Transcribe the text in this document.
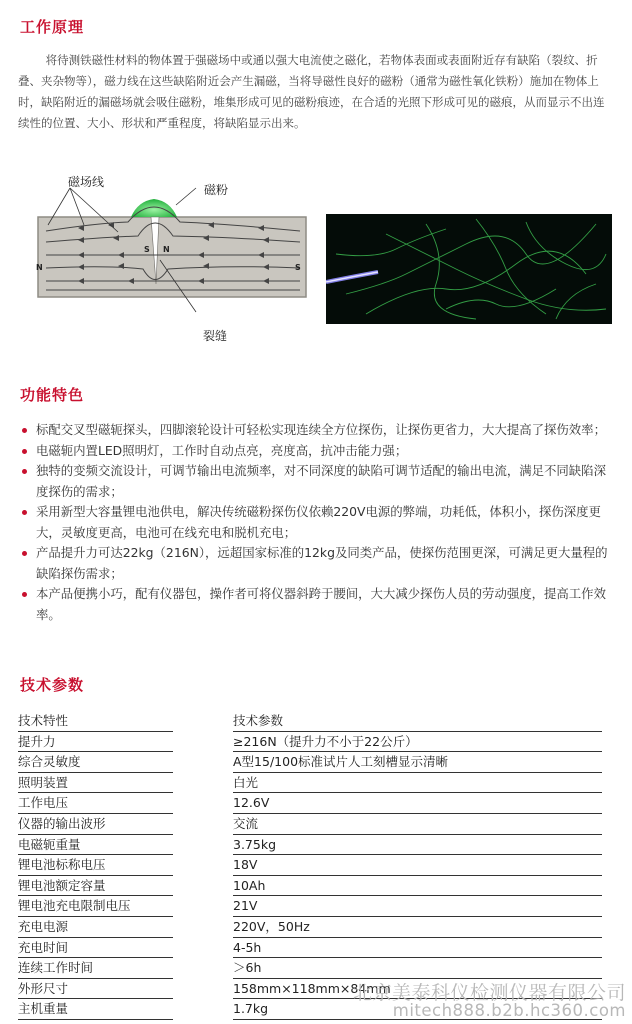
工作原理

将待测铁磁性材料的物体置于强磁场中或通以强大电流使之磁化，若物体表面或表面附近存有缺陷（裂纹、折叠、夹杂物等），磁力线在这些缺陷附近会产生漏磁，当将导磁性良好的磁粉（通常为磁性氧化铁粉）施加在物体上时，缺陷附近的漏磁场就会吸住磁粉，堆集形成可见的磁粉痕迹，在合适的光照下形成可见的磁痕，从而显示不出连续性的位置、大小、形状和严重程度，将缺陷显示出来。

磁场线
磁粉
裂缝
N	S
S N
功能特色
标配交叉型磁轭探头，四脚滚轮设计可轻松实现连续全方位探伤，让探伤更省力，大大提高了探伤效率；
电磁轭内置LED照明灯，工作时自动点亮，亮度高，抗冲击能力强；
独特的变频交流设计，可调节输出电流频率，对不同深度的缺陷可调节适配的输出电流，满足不同缺陷深度探伤的需求；
采用新型大容量锂电池供电，解决传统磁粉探伤仪依赖220V电源的弊端，功耗低，体积小，探伤深度更大，灵敏度更高，电池可在线充电和脱机充电；
产品提升力可达22kg（216N），远超国家标准的12kg及同类产品，使探伤范围更深，可满足更大量程的缺陷探伤需求；
本产品便携小巧，配有仪器包，操作者可将仪器斜跨于腰间，大大减少探伤人员的劳动强度，提高工作效率。
技术参数
技术特性		技术参数
提升力		≥216N（提升力不小于22公斤）
综合灵敏度		A型15/100标准试片人工刻槽显示清晰
照明装置		白光
工作电压		12.6V
仪器的输出波形		交流
电磁轭重量		3.75kg
锂电池标称电压		18V
锂电池额定容量		10Ah
锂电池充电限制电压		21V
充电电源		220V，50Hz
充电时间		4-5h
连续工作时间		＞6h
外形尺寸		158mm×118mm×84mm
主机重量		1.7kg
北京美泰科仪检测仪器有限公司
mitech888.b2b.hc360.com
